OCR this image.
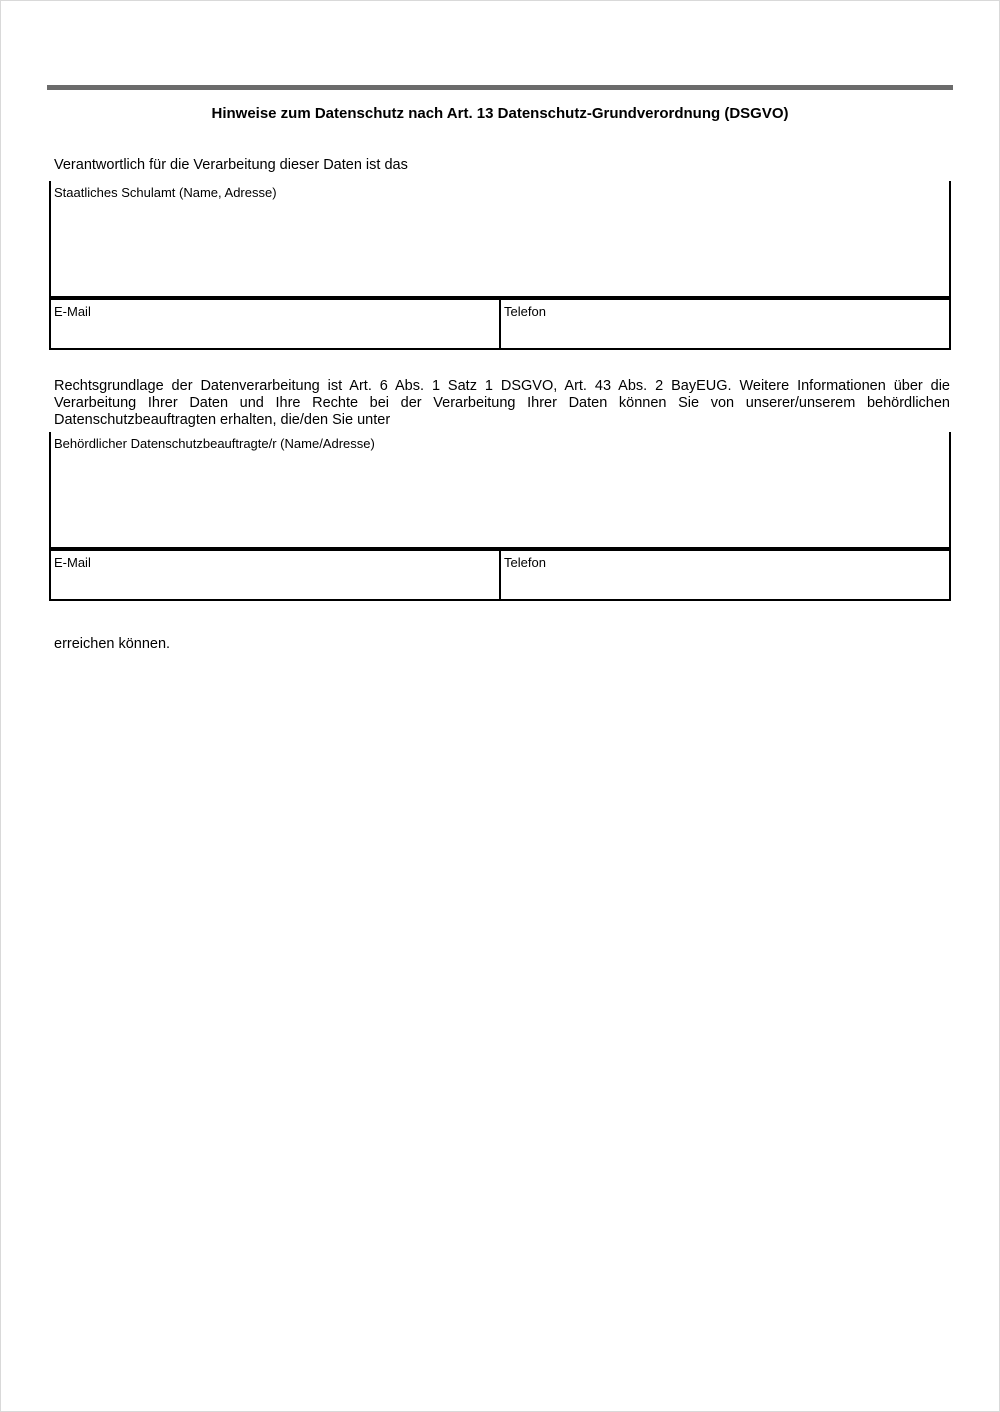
Hinweise zum Datenschutz nach Art. 13 Datenschutz-Grundverordnung (DSGVO)
Verantwortlich für die Verarbeitung dieser Daten ist das
Staatliches Schulamt (Name, Adresse)
E-Mail	Telefon
Rechtsgrundlage der Datenverarbeitung ist Art. 6 Abs. 1 Satz 1 DSGVO, Art. 43 Abs. 2 BayEUG. Weitere Informationen über die Verarbeitung Ihrer Daten und Ihre Rechte bei der Verarbeitung Ihrer Daten können Sie von unserer/unserem behördlichen Datenschutzbeauftragten erhalten, die/den Sie unter
Behördlicher Datenschutzbeauftragte/r (Name/Adresse)
E-Mail	Telefon
erreichen können.
